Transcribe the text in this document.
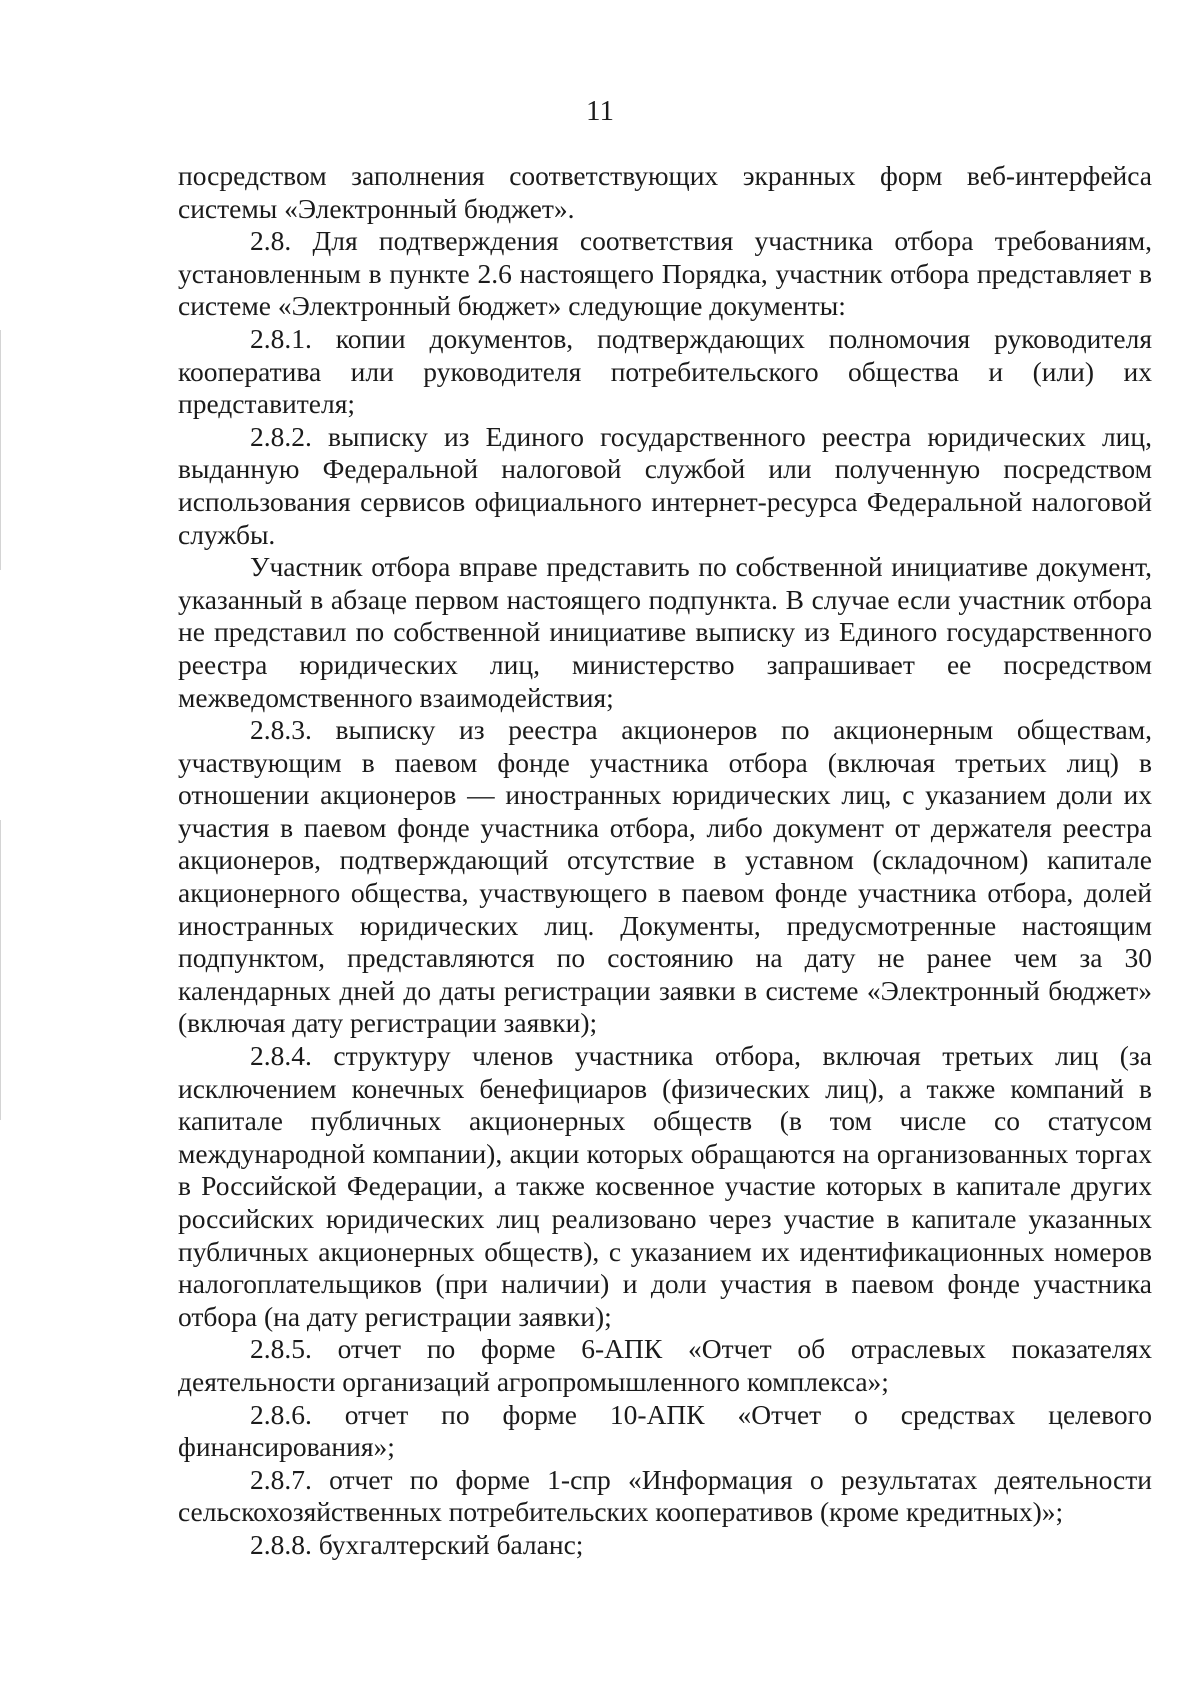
11

посредством заполнения соответствующих экранных форм веб-интерфейса системы «Электронный бюджет».

2.8. Для подтверждения соответствия участника отбора требованиям, установленным в пункте 2.6 настоящего Порядка, участник отбора представляет в системе «Электронный бюджет» следующие документы:

2.8.1. копии документов, подтверждающих полномочия руководителя кооператива или руководителя потребительского общества и (или) их представителя;

2.8.2. выписку из Единого государственного реестра юридических лиц, выданную Федеральной налоговой службой или полученную посредством использования сервисов официального интернет-ресурса Федеральной налоговой службы.

Участник отбора вправе представить по собственной инициативе документ, указанный в абзаце первом настоящего подпункта. В случае если участник отбора не представил по собственной инициативе выписку из Единого государственного реестра юридических лиц, министерство запрашивает ее посредством межведомственного взаимодействия;

2.8.3. выписку из реестра акционеров по акционерным обществам, участвующим в паевом фонде участника отбора (включая третьих лиц) в отношении акционеров — иностранных юридических лиц, с указанием доли их участия в паевом фонде участника отбора, либо документ от держателя реестра акционеров, подтверждающий отсутствие в уставном (складочном) капитале акционерного общества, участвующего в паевом фонде участника отбора, долей иностранных юридических лиц. Документы, предусмотренные настоящим подпунктом, представляются по состоянию на дату не ранее чем за 30 календарных дней до даты регистрации заявки в системе «Электронный бюджет» (включая дату регистрации заявки);

2.8.4. структуру членов участника отбора, включая третьих лиц (за исключением конечных бенефициаров (физических лиц), а также компаний в капитале публичных акционерных обществ (в том числе со статусом международной компании), акции которых обращаются на организованных торгах в Российской Федерации, а также косвенное участие которых в капитале других российских юридических лиц реализовано через участие в капитале указанных публичных акционерных обществ), с указанием их идентификационных номеров налогоплательщиков (при наличии) и доли участия в паевом фонде участника отбора (на дату регистрации заявки);

2.8.5. отчет по форме 6-АПК «Отчет об отраслевых показателях деятельности организаций агропромышленного комплекса»;

2.8.6. отчет по форме 10-АПК «Отчет о средствах целевого финансирования»;

2.8.7. отчет по форме 1-спр «Информация о результатах деятельности сельскохозяйственных потребительских кооперативов (кроме кредитных)»;

2.8.8. бухгалтерский баланс;
